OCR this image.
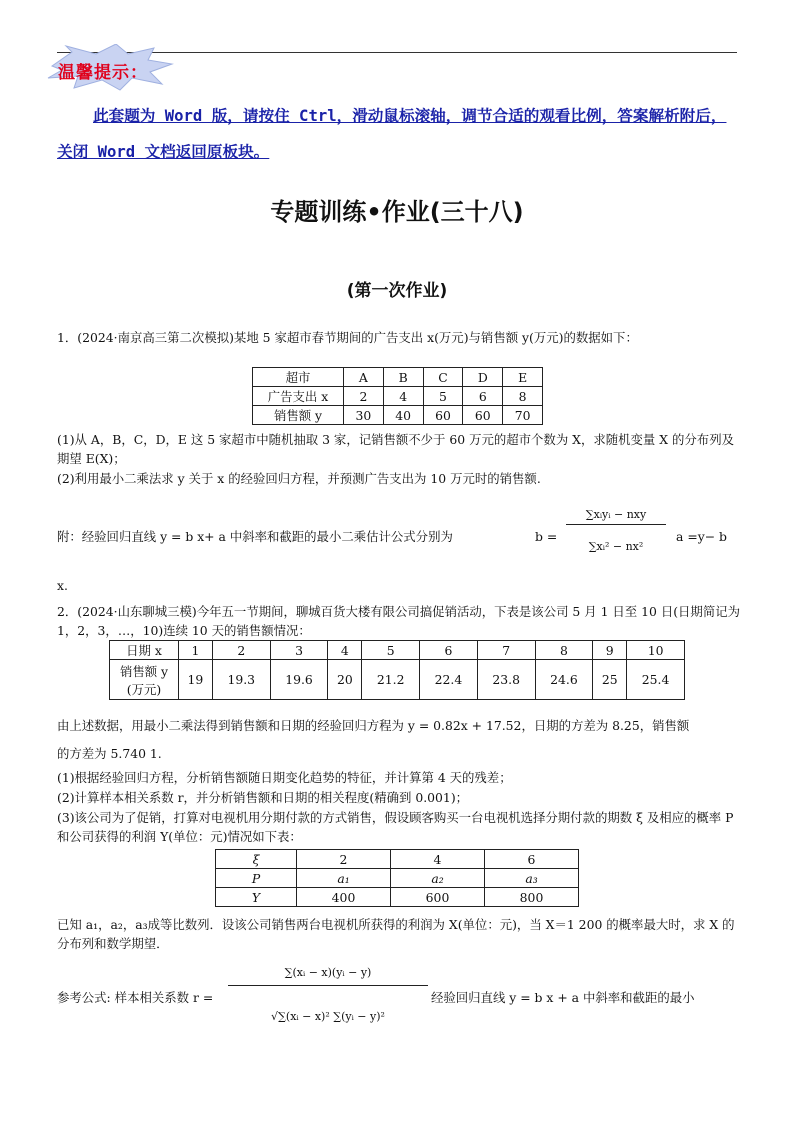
温馨提示：
此套题为 Word 版，请按住 Ctrl，滑动鼠标滚轴，调节合适的观看比例，答案解析附后，关闭 Word 文档返回原板块。
专题训练•作业(三十八)
(第一次作业)
1．(2024·南京高三第二次模拟)某地 5 家超市春节期间的广告支出 x(万元)与销售额 y(万元)的数据如下：
超市	A	B	C	D	E
广告支出 x	2	4	5	6	8
销售额 y	30	40	60	60	70
(1)从 A，B，C，D，E 这 5 家超市中随机抽取 3 家，记销售额不少于 60 万元的超市个数为 X，求随机变量 X 的分布列及期望 E(X)；
(2)利用最小二乘法求 y 关于 x 的经验回归方程，并预测广告支出为 10 万元时的销售额.
附：经验回归直线 y = b x+ a 中斜率和截距的最小二乘估计公式分别为	b =
∑xᵢyᵢ − nxy
∑xᵢ² − nx²
a =y− b
x.
2．(2024·山东聊城三模)今年五一节期间，聊城百货大楼有限公司搞促销活动，下表是该公司 5 月 1 日至 10 日(日期简记为 1，2，3，…，10)连续 10 天的销售额情况：
日期 x	1	2	3	4	5	6	7	8	9	10

销售额 y
(万元)	19	19.3	19.6	20	21.2	22.4	23.8	24.6	25	25.4
由上述数据，用最小二乘法得到销售额和日期的经验回归方程为 y = 0.82x + 17.52，日期的方差为 8.25，销售额
的方差为 5.740 1.
(1)根据经验回归方程，分析销售额随日期变化趋势的特征，并计算第 4 天的残差；
(2)计算样本相关系数 r，并分析销售额和日期的相关程度(精确到 0.001)；
(3)该公司为了促销，打算对电视机用分期付款的方式销售，假设顾客购买一台电视机选择分期付款的期数 ξ 及相应的概率 P 和公司获得的利润 Y(单位：元)情况如下表：
ξ	2	4	6
P	a₁	a₂	a₃
Y	400	600	800
已知 a₁，a₂，a₃成等比数列．设该公司销售两台电视机所获得的利润为 X(单位：元)，当 X＝1 200 的概率最大时，求 X 的分布列和数学期望．
参考公式: 样本相关系数 r =
∑(xᵢ − x)(yᵢ − y)
√∑(xᵢ − x)² ∑(yᵢ − y)²
经验回归直线 y = b x + a 中斜率和截距的最小
